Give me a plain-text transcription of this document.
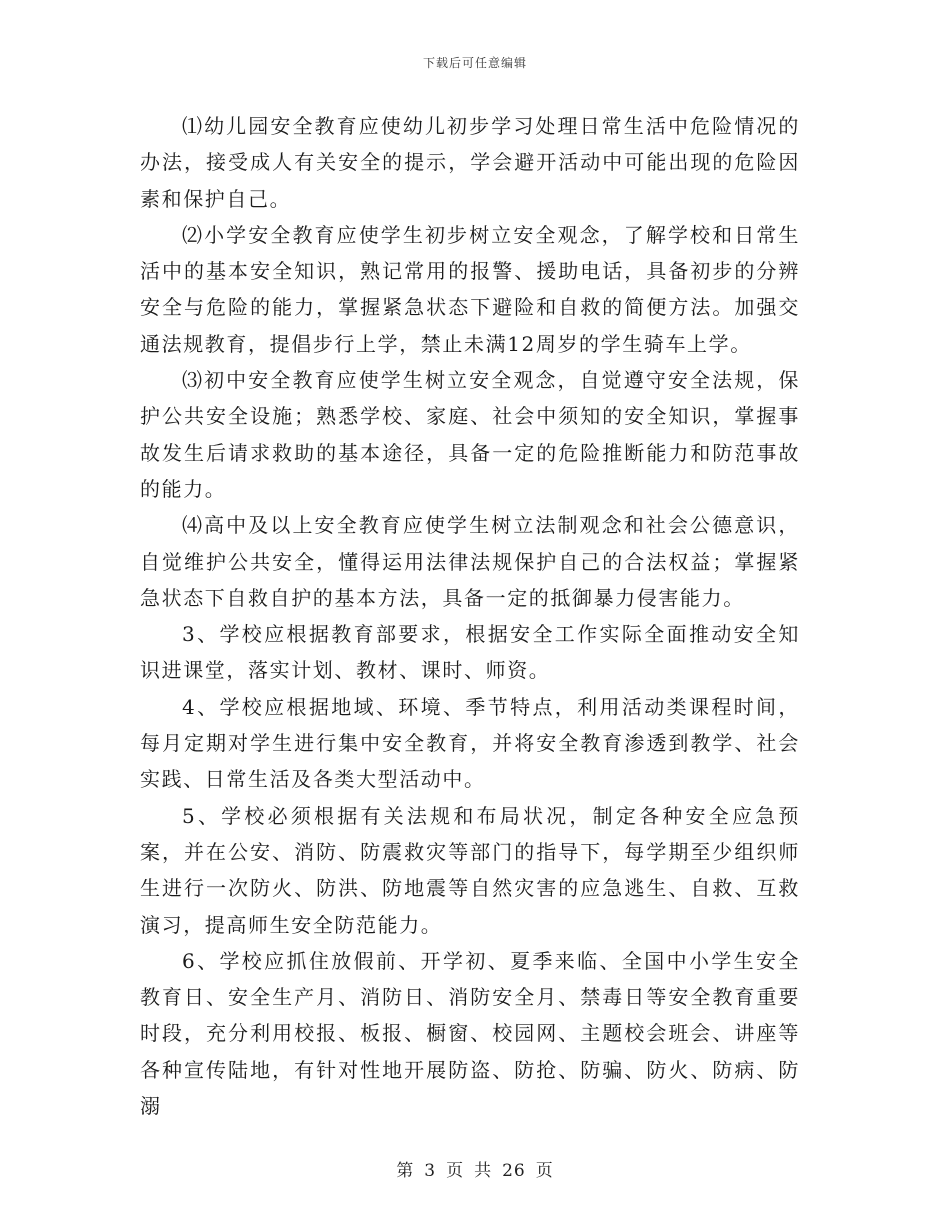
下载后可任意编辑

⑴幼儿园安全教育应使幼儿初步学习处理日常生活中危险情况的办法，接受成人有关安全的提示，学会避开活动中可能出现的危险因素和保护自己。

⑵小学安全教育应使学生初步树立安全观念，了解学校和日常生活中的基本安全知识，熟记常用的报警、援助电话，具备初步的分辨安全与危险的能力，掌握紧急状态下避险和自救的简便方法。加强交通法规教育，提倡步行上学，禁止未满12周岁的学生骑车上学。

⑶初中安全教育应使学生树立安全观念，自觉遵守安全法规，保护公共安全设施；熟悉学校、家庭、社会中须知的安全知识，掌握事故发生后请求救助的基本途径，具备一定的危险推断能力和防范事故的能力。

⑷高中及以上安全教育应使学生树立法制观念和社会公德意识，自觉维护公共安全，懂得运用法律法规保护自己的合法权益；掌握紧急状态下自救自护的基本方法，具备一定的抵御暴力侵害能力。

3、学校应根据教育部要求，根据安全工作实际全面推动安全知识进课堂，落实计划、教材、课时、师资。

4、学校应根据地域、环境、季节特点，利用活动类课程时间，每月定期对学生进行集中安全教育，并将安全教育渗透到教学、社会实践、日常生活及各类大型活动中。

5、学校必须根据有关法规和布局状况，制定各种安全应急预案，并在公安、消防、防震救灾等部门的指导下，每学期至少组织师生进行一次防火、防洪、防地震等自然灾害的应急逃生、自救、互救演习，提高师生安全防范能力。

6、学校应抓住放假前、开学初、夏季来临、全国中小学生安全教育日、安全生产月、消防日、消防安全月、禁毒日等安全教育重要时段，充分利用校报、板报、橱窗、校园网、主题校会班会、讲座等各种宣传陆地，有针对性地开展防盗、防抢、防骗、防火、防病、防溺

第 3 页 共 26 页
